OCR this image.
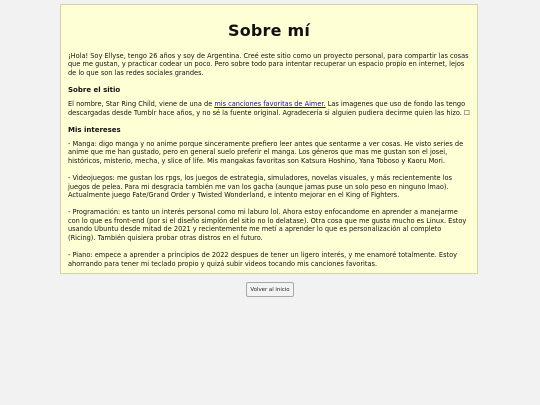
Sobre mí

¡Hola! Soy Ellyse, tengo 26 años y soy de Argentina. Creé este sitio como un proyecto personal, para compartir las cosas que me gustan, y practicar codear un poco. Pero sobre todo para intentar recuperar un espacio propio en internet, lejos de lo que son las redes sociales grandes.

Sobre el sitio

El nombre, Star Ring Child, viene de una de mis canciones favoritas de Aimer. Las imagenes que uso de fondo las tengo descargadas desde Tumblr hace años, y no sé la fuente original. Agradecería si alguien pudiera decirme quien las hizo. ☐

Mis intereses

- Manga: digo manga y no anime porque sinceramente prefiero leer antes que sentarme a ver cosas. He visto series de anime que me han gustado, pero en general suelo preferir el manga. Los géneros que mas me gustan son el josei, históricos, misterio, mecha, y slice of life. Mis mangakas favoritas son Katsura Hoshino, Yana Toboso y Kaoru Mori.

- Videojuegos: me gustan los rpgs, los juegos de estrategia, simuladores, novelas visuales, y más recientemente los juegos de pelea. Para mi desgracia también me van los gacha (aunque jamas puse un solo peso en ninguno lmao). Actualmente juego Fate/Grand Order y Twisted Wonderland, e intento mejorar en el King of Fighters.

- Programación: es tanto un interés personal como mi laburo lol. Ahora estoy enfocandome en aprender a manejarme con lo que es front-end (por si el diseño simplón del sitio no lo delatase). Otra cosa que me gusta mucho es Linux. Estoy usando Ubuntu desde mitad de 2021 y recientemente me metí a aprender lo que es personalización al completo (Ricing). También quisiera probar otras distros en el futuro.

- Piano: empece a aprender a principios de 2022 despues de tener un ligero interés, y me enamoré totalmente. Estoy ahorrando para tener mi teclado propio y quizá subir videos tocando mis canciones favoritas.

Volver al inicio
